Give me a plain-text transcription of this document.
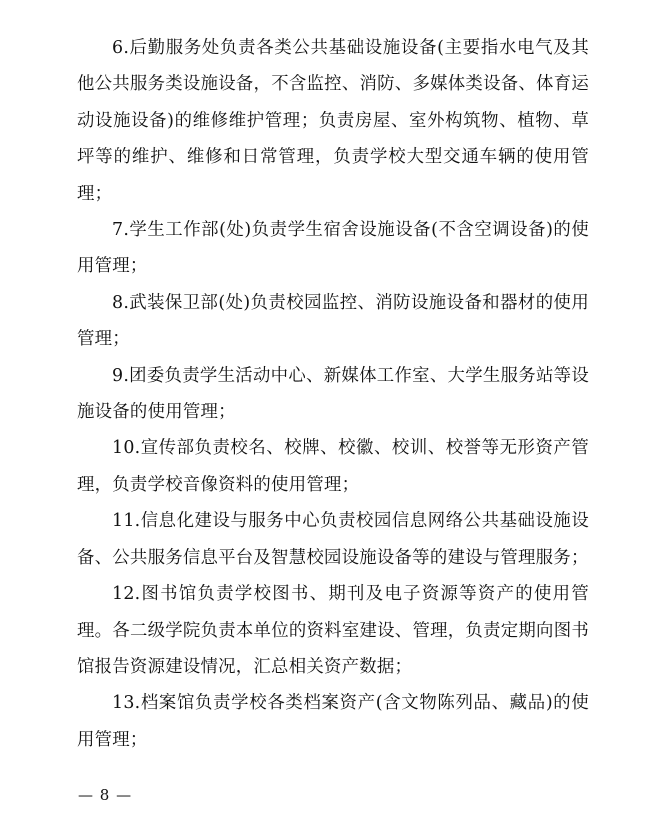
6.后勤服务处负责各类公共基础设施设备(主要指水电气及其他公共服务类设施设备，不含监控、消防、多媒体类设备、体育运动设施设备)的维修维护管理；负责房屋、室外构筑物、植物、草坪等的维护、维修和日常管理，负责学校大型交通车辆的使用管理；

7.学生工作部(处)负责学生宿舍设施设备(不含空调设备)的使用管理；

8.武装保卫部(处)负责校园监控、消防设施设备和器材的使用管理；

9.团委负责学生活动中心、新媒体工作室、大学生服务站等设施设备的使用管理；

10.宣传部负责校名、校牌、校徽、校训、校誉等无形资产管理，负责学校音像资料的使用管理；

11.信息化建设与服务中心负责校园信息网络公共基础设施设备、公共服务信息平台及智慧校园设施设备等的建设与管理服务；

12.图书馆负责学校图书、期刊及电子资源等资产的使用管理。各二级学院负责本单位的资料室建设、管理，负责定期向图书馆报告资源建设情况，汇总相关资产数据；

13.档案馆负责学校各类档案资产(含文物陈列品、藏品)的使用管理；

— 8 —
